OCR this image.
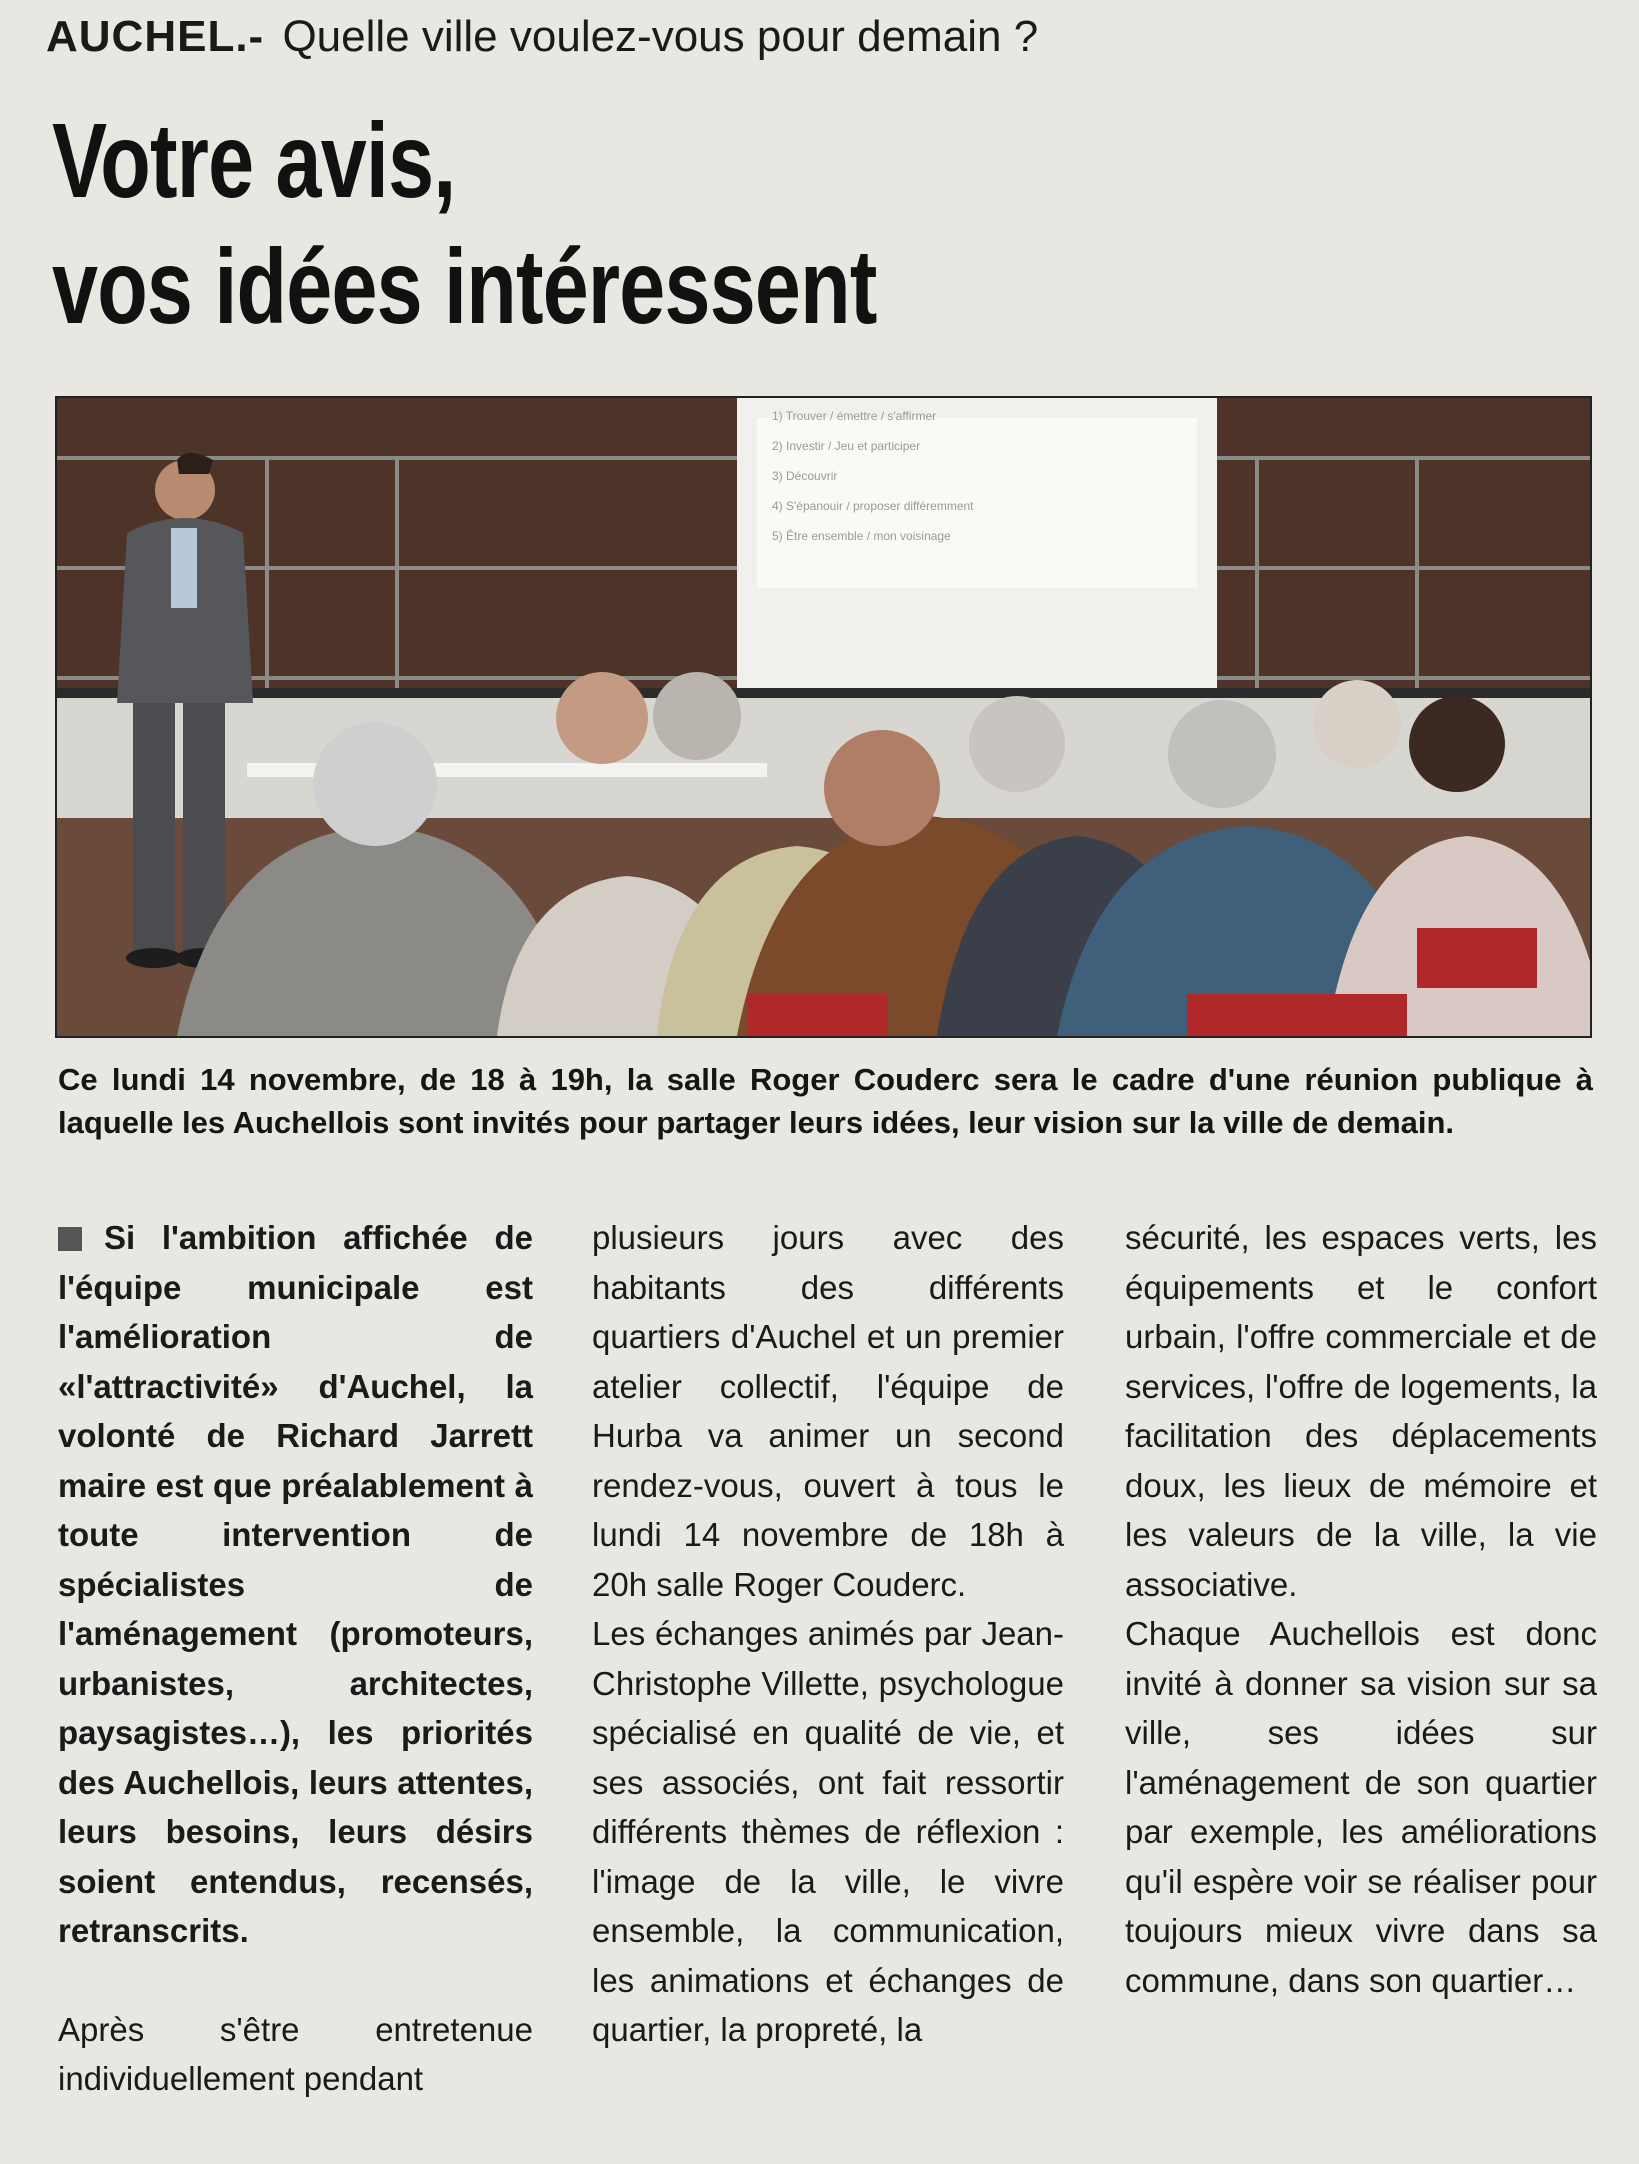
AUCHEL.- Quelle ville voulez-vous pour demain ?
Votre avis,
vos idées intéressent
1) Trouver / émettre / s'affirmer
2) Investir / Jeu et participer
3) Découvrir
4) S'épanouir / proposer différemment
5) Être ensemble / mon voisinage
Ce lundi 14 novembre, de 18 à 19h, la salle Roger Couderc sera le cadre d'une réunion publique à laquelle les Auchellois sont invités pour partager leurs idées, leur vision sur la ville de demain.

Si l'ambition affichée de l'équipe municipale est l'amélioration de «l'attractivité» d'Auchel, la volonté de Richard Jarrett maire est que préalablement à toute intervention de spécialistes de l'aménagement (promoteurs, urbanistes, architectes, paysagistes…), les priorités des Auchellois, leurs attentes, leurs besoins, leurs désirs soient entendus, recensés, retranscrits.

Après s'être entretenue individuellement pendant

plusieurs jours avec des habitants des différents quartiers d'Auchel et un premier atelier collectif, l'équipe de Hurba va animer un second rendez-vous, ouvert à tous le lundi 14 novembre de 18h à 20h salle Roger Couderc.

Les échanges animés par Jean-Christophe Villette, psychologue spécialisé en qualité de vie, et ses associés, ont fait ressortir différents thèmes de réflexion : l'image de la ville, le vivre ensemble, la communication, les animations et échanges de quartier, la propreté, la

sécurité, les espaces verts, les équipements et le confort urbain, l'offre commerciale et de services, l'offre de logements, la facilitation des déplacements doux, les lieux de mémoire et les valeurs de la ville, la vie associative.

Chaque Auchellois est donc invité à donner sa vision sur sa ville, ses idées sur l'aménagement de son quartier par exemple, les améliorations qu'il espère voir se réaliser pour toujours mieux vivre dans sa commune, dans son quartier…
